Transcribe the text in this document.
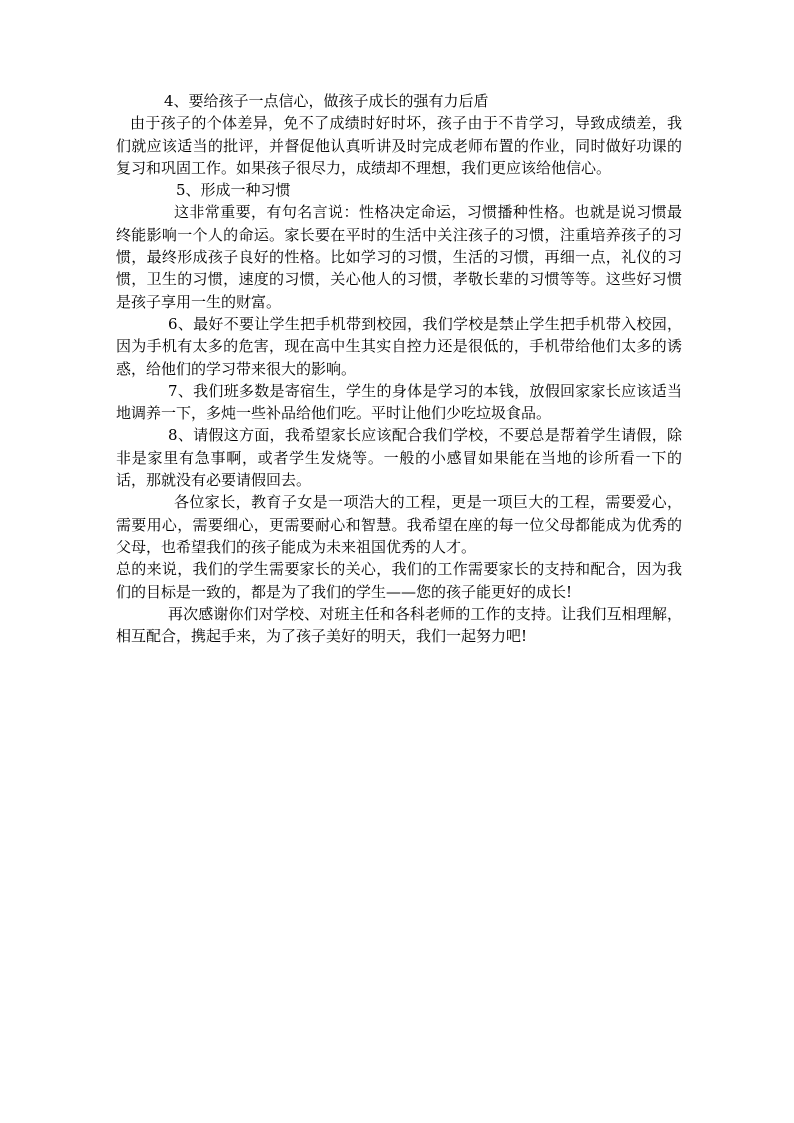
4、要给孩子一点信心，做孩子成长的强有力后盾

由于孩子的个体差异，免不了成绩时好时坏，孩子由于不肯学习，导致成绩差，我们就应该适当的批评，并督促他认真听讲及时完成老师布置的作业，同时做好功课的复习和巩固工作。如果孩子很尽力，成绩却不理想，我们更应该给他信心。

5、形成一种习惯

这非常重要，有句名言说：性格决定命运，习惯播种性格。也就是说习惯最终能影响一个人的命运。家长要在平时的生活中关注孩子的习惯，注重培养孩子的习惯，最终形成孩子良好的性格。比如学习的习惯，生活的习惯，再细一点，礼仪的习惯，卫生的习惯，速度的习惯，关心他人的习惯，孝敬长辈的习惯等等。这些好习惯是孩子享用一生的财富。

6、最好不要让学生把手机带到校园，我们学校是禁止学生把手机带入校园，因为手机有太多的危害，现在高中生其实自控力还是很低的，手机带给他们太多的诱惑，给他们的学习带来很大的影响。

7、我们班多数是寄宿生，学生的身体是学习的本钱，放假回家家长应该适当地调养一下，多炖一些补品给他们吃。平时让他们少吃垃圾食品。

8、请假这方面，我希望家长应该配合我们学校，不要总是帮着学生请假，除非是家里有急事啊，或者学生发烧等。一般的小感冒如果能在当地的诊所看一下的话，那就没有必要请假回去。

各位家长，教育子女是一项浩大的工程，更是一项巨大的工程，需要爱心，需要用心，需要细心，更需要耐心和智慧。我希望在座的每一位父母都能成为优秀的父母，也希望我们的孩子能成为未来祖国优秀的人才。

总的来说，我们的学生需要家长的关心，我们的工作需要家长的支持和配合，因为我们的目标是一致的，都是为了我们的学生——您的孩子能更好的成长!

再次感谢你们对学校、对班主任和各科老师的工作的支持。让我们互相理解，相互配合，携起手来，为了孩子美好的明天，我们一起努力吧!
